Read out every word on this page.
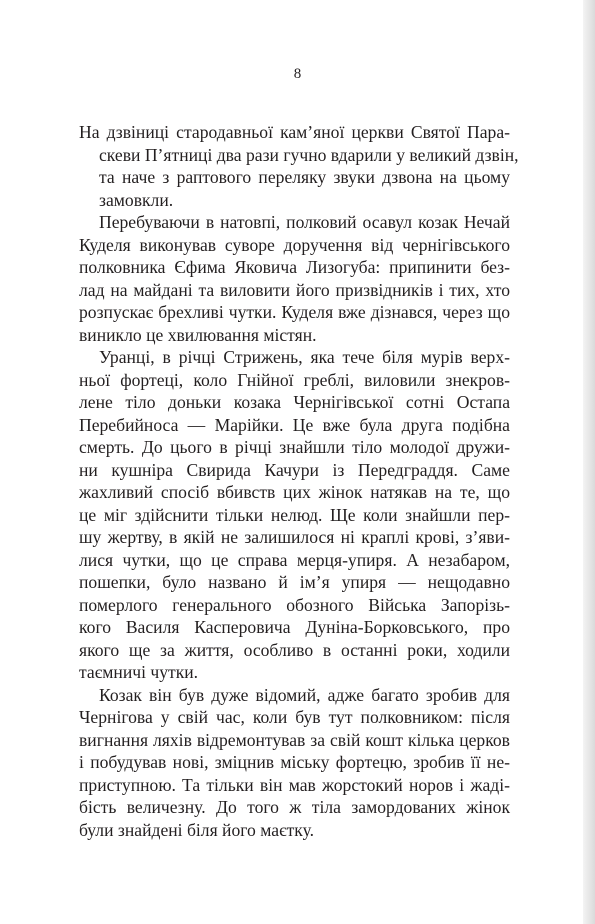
8
На дзвіниці стародавньої кам’яної церкви Святої Пара-
скеви П’ятниці два рази гучно вдарили у великий дзвін,
та наче з раптового переляку звуки дзвона на цьому
замовкли.
Перебуваючи в натовпі, полковий осавул козак Нечай
Куделя виконував суворе доручення від чернігівського
полковника Єфима Яковича Лизогуба: припинити без-
лад на майдані та виловити його призвідників і тих, хто
розпускає брехливі чутки. Куделя вже дізнався, через що
виникло це хвилювання містян.
Уранці, в річці Стрижень, яка тече біля мурів верх-
ньої фортеці, коло Гнійної греблі, виловили знекров-
лене тіло доньки козака Чернігівської сотні Остапа
Перебийноса — Марійки. Це вже була друга подібна
смерть. До цього в річці знайшли тіло молодої дружи-
ни кушніра Свирида Качури із Передграддя. Саме
жахливий спосіб вбивств цих жінок натякав на те, що
це міг здійснити тільки нелюд. Ще коли знайшли пер-
шу жертву, в якій не залишилося ні краплі крові, з’яви-
лися чутки, що це справа мерця-упиря. А незабаром,
пошепки, було названо й ім’я упиря — нещодавно
померлого генерального обозного Війська Запорізь-
кого Василя Касперовича Дуніна-Борковського, про
якого ще за життя, особливо в останні роки, ходили
таємничі чутки.
Козак він був дуже відомий, адже багато зробив для
Чернігова у свій час, коли був тут полковником: після
вигнання ляхів відремонтував за свій кошт кілька церков
і побудував нові, зміцнив міську фортецю, зробив її не-
приступною. Та тільки він мав жорстокий норов і жаді-
бість величезну. До того ж тіла замордованих жінок
були знайдені біля його маєтку.
